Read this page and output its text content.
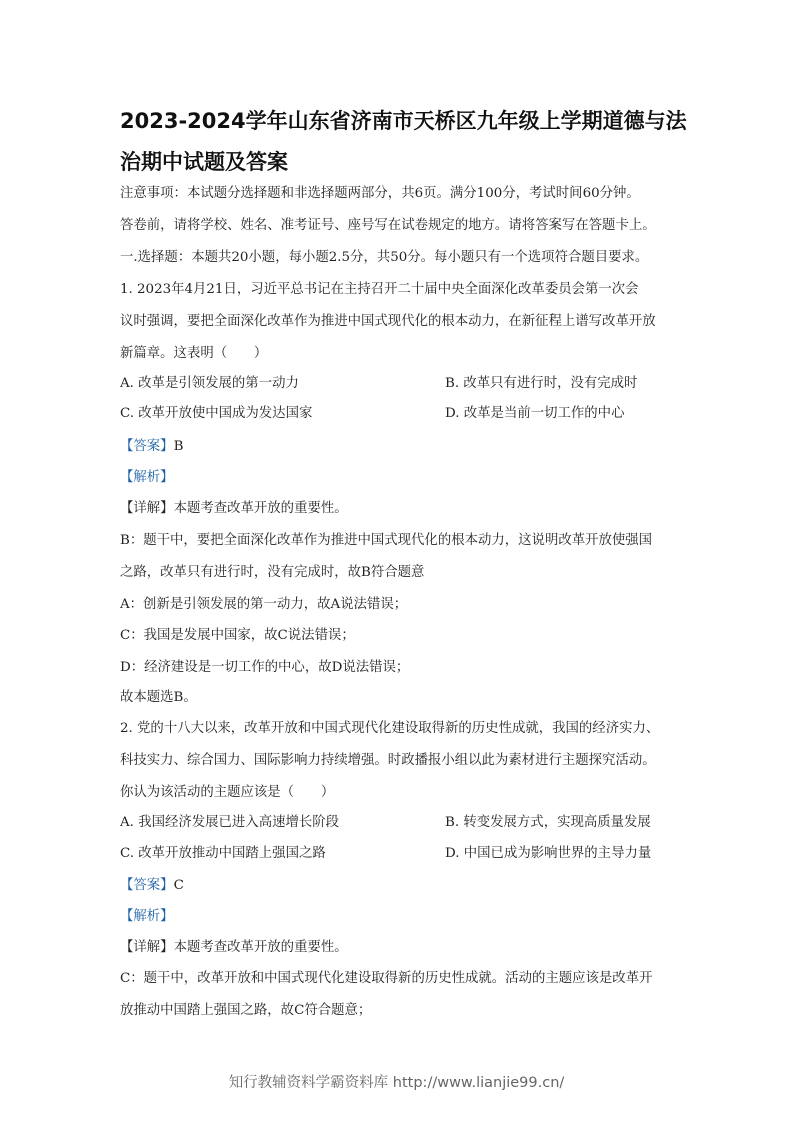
2023-2024学年山东省济南市天桥区九年级上学期道德与法
治期中试题及答案
注意事项：本试题分选择题和非选择题两部分，共6页。满分100分，考试时间60分钟。
答卷前，请将学校、姓名、准考证号、座号写在试卷规定的地方。请将答案写在答题卡上。
一.选择题：本题共20小题，每小题2.5分，共50分。每小题只有一个选项符合题目要求。
1. 2023年4月21日，习近平总书记在主持召开二十届中央全面深化改革委员会第一次会
议时强调，要把全面深化改革作为推进中国式现代化的根本动力，在新征程上谱写改革开放
新篇章。这表明（　　）
A. 改革是引领发展的第一动力	B. 改革只有进行时，没有完成时
C. 改革开放使中国成为发达国家	D. 改革是当前一切工作的中心
【答案】B
【解析】
【详解】本题考查改革开放的重要性。
B：题干中，要把全面深化改革作为推进中国式现代化的根本动力，这说明改革开放使强国
之路，改革只有进行时，没有完成时，故B符合题意
A：创新是引领发展的第一动力，故A说法错误；
C：我国是发展中国家，故C说法错误；
D：经济建设是一切工作的中心，故D说法错误；
故本题选B。
2. 党的十八大以来，改革开放和中国式现代化建设取得新的历史性成就，我国的经济实力、
科技实力、综合国力、国际影响力持续增强。时政播报小组以此为素材进行主题探究活动。
你认为该活动的主题应该是（　　）
A. 我国经济发展已进入高速增长阶段	B. 转变发展方式，实现高质量发展
C. 改革开放推动中国踏上强国之路	D. 中国已成为影响世界的主导力量
【答案】C
【解析】
【详解】本题考查改革开放的重要性。
C：题干中，改革开放和中国式现代化建设取得新的历史性成就。活动的主题应该是改革开
放推动中国踏上强国之路，故C符合题意；
知行教辅资料学霸资料库 http://www.lianjie99.cn/
